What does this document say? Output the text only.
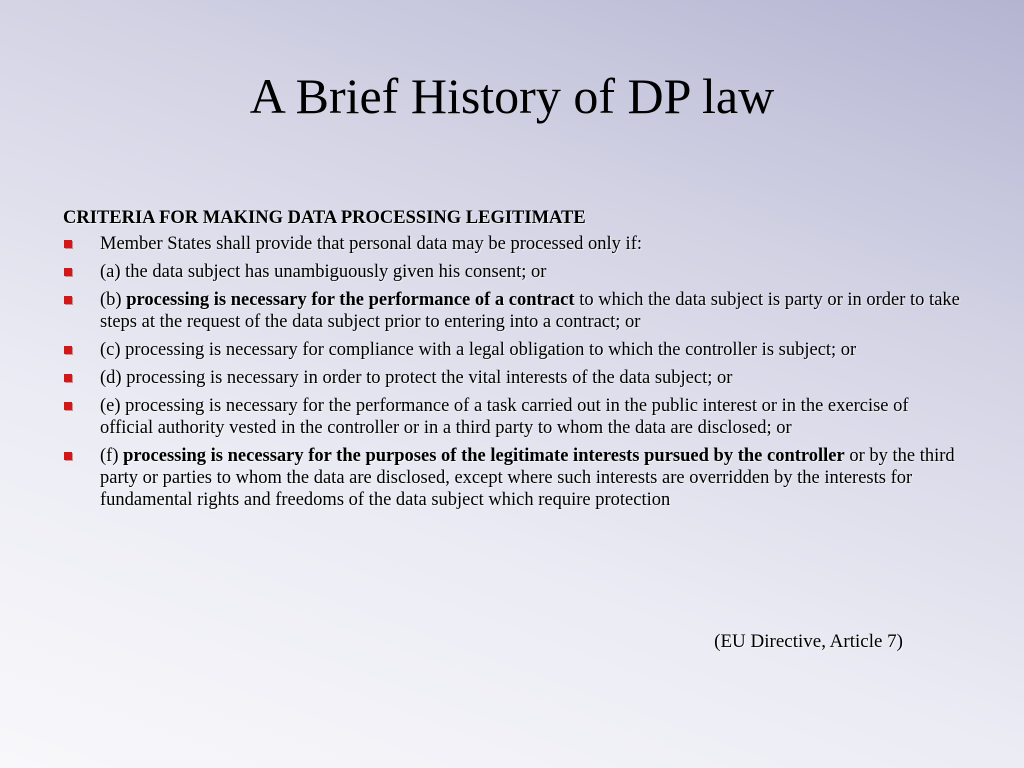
A Brief History of DP law
CRITERIA FOR MAKING DATA PROCESSING LEGITIMATE
Member States shall provide that personal data may be processed only if:
(a) the data subject has unambiguously given his consent; or
(b) processing is necessary for the performance of a contract to which the data subject is party or in order to take steps at the request of the data subject prior to entering into a contract; or
(c) processing is necessary for compliance with a legal obligation to which the controller is subject; or
(d) processing is necessary in order to protect the vital interests of the data subject; or
(e) processing is necessary for the performance of a task carried out in the public interest or in the exercise of official authority vested in the controller or in a third party to whom the data are disclosed; or
(f) processing is necessary for the purposes of the legitimate interests pursued by the controller or by the third party or parties to whom the data are disclosed, except where such interests are overridden by the interests for fundamental rights and freedoms of the data subject which require protection
(EU Directive, Article 7)
